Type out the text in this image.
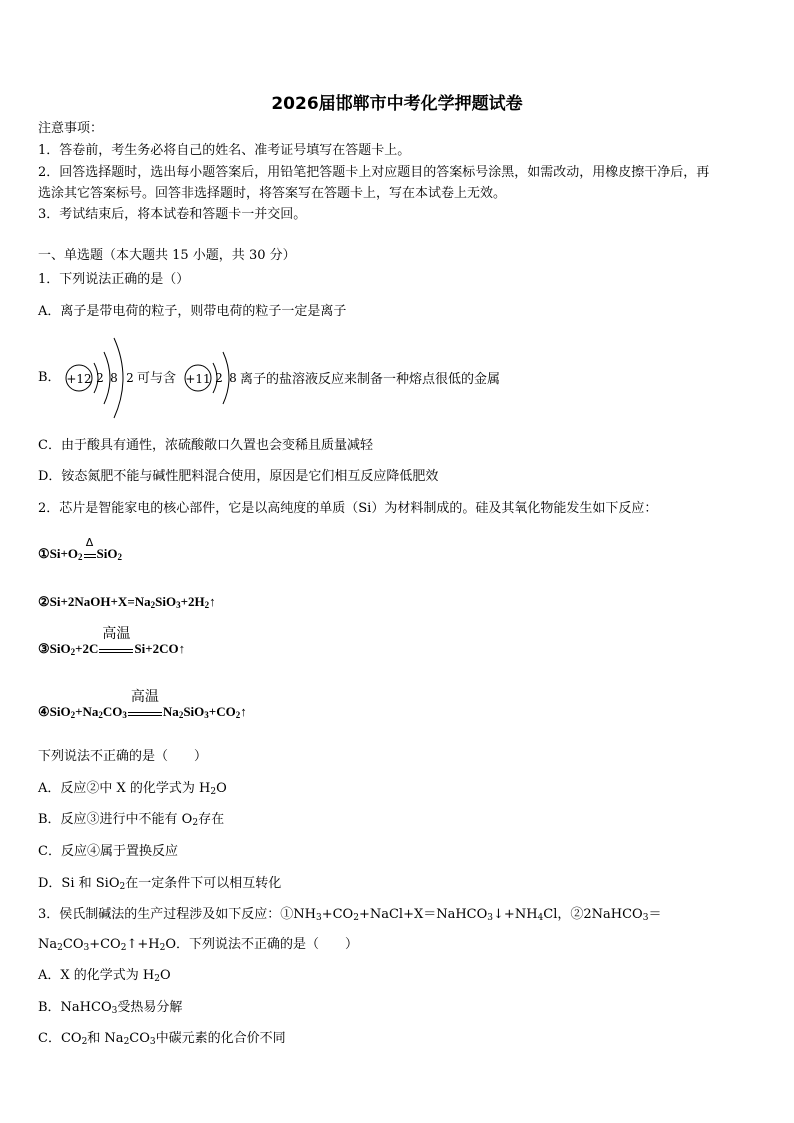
2026届邯郸市中考化学押题试卷
注意事项：
1．答卷前，考生务必将自己的姓名、准考证号填写在答题卡上。
2．回答选择题时，选出每小题答案后，用铅笔把答题卡上对应题目的答案标号涂黑，如需改动，用橡皮擦干净后，再
选涂其它答案标号。回答非选择题时，将答案写在答题卡上，写在本试卷上无效。
3．考试结束后，将本试卷和答题卡一并交回。
一、单选题（本大题共 15 小题，共 30 分）
1．下列说法正确的是（）
A．离子是带电荷的粒子，则带电荷的粒子一定是离子
B． +12 2 8 2 可与含 +11 2 8 离子的盐溶液反应来制备一种熔点很低的金属
C．由于酸具有通性，浓硫酸敞口久置也会变稀且质量减轻
D．铵态氮肥不能与碱性肥料混合使用，原因是它们相互反应降低肥效
2．芯片是智能家电的核心部件，它是以高纯度的单质（Si）为材料制成的。硅及其氧化物能发生如下反应：
$①Si+O_2$
Δ
SiO$_2$
$②Si+2NaOH+X=Na_2SiO_3+2H_2↑$
③SiO$_2$+2C
高温
Si+2CO↑
$④SiO_2+Na_2CO_3$
高温
$Na_2SiO_3+CO_2↑$
下列说法不正确的是（　　）
A．反应②中 X 的化学式为 $H_2O$
B．反应③进行中不能有 $O_2$存在
C．反应④属于置换反应
D．Si 和 SiO$_2$在一定条件下可以相互转化
3．侯氏制碱法的生产过程涉及如下反应：$①NH_3+CO_2+NaCl+X=NaHCO_3↓+NH_4Cl$，②2NaHCO$_3$＝
$Na_2CO_3+CO_2↑+H_2O$．下列说法不正确的是（　　）
A．X 的化学式为 $H_2O$
B．NaHCO$_3$受热易分解
C．$CO_2$和 $Na_2CO_3$中碳元素的化合价不同
